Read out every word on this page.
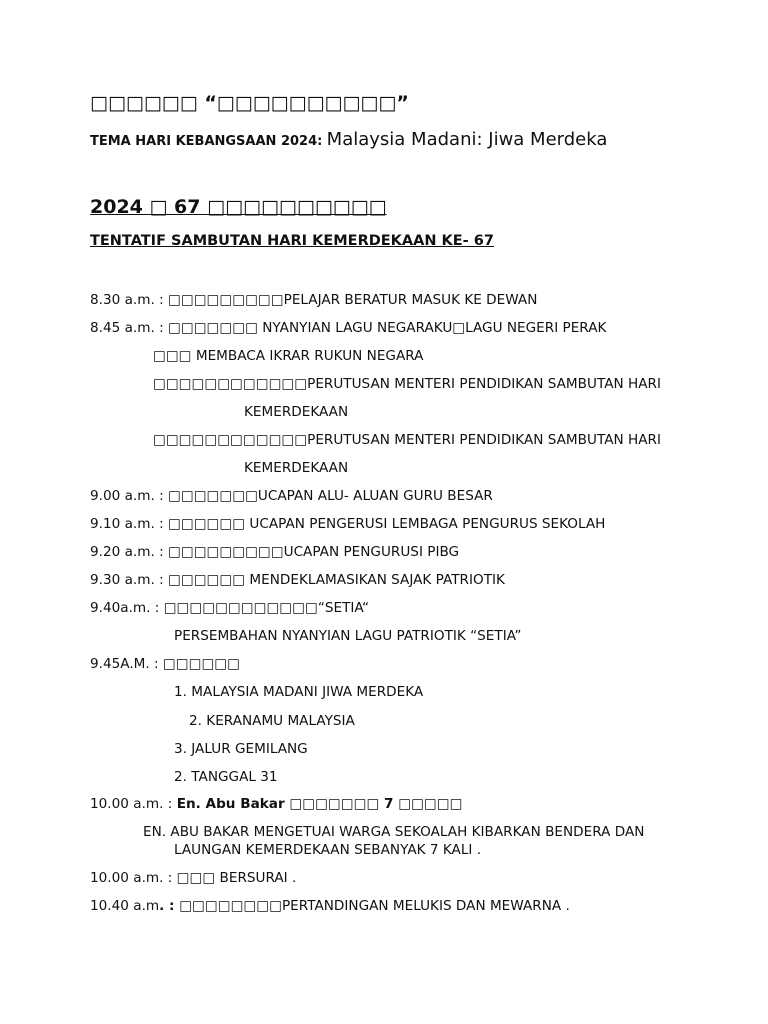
□□□□□□ “□□□□□□□□□□”
TEMA HARI KEBANGSAAN 2024: Malaysia Madani: Jiwa Merdeka
2024 □ 67 □□□□□□□□□□
TENTATIF SAMBUTAN HARI KEMERDEKAAN KE- 67
8.30 a.m. : □□□□□□□□□PELAJAR BERATUR MASUK KE DEWAN
8.45 a.m. : □□□□□□□ NYANYIAN LAGU NEGARAKU□LAGU NEGERI PERAK
□□□ MEMBACA IKRAR RUKUN NEGARA
□□□□□□□□□□□□PERUTUSAN MENTERI PENDIDIKAN SAMBUTAN HARI
KEMERDEKAAN
□□□□□□□□□□□□PERUTUSAN MENTERI PENDIDIKAN SAMBUTAN HARI
KEMERDEKAAN
9.00 a.m. : □□□□□□□UCAPAN ALU- ALUAN GURU BESAR
9.10 a.m. : □□□□□□ UCAPAN PENGERUSI LEMBAGA PENGURUS SEKOLAH
9.20 a.m. : □□□□□□□□□UCAPAN PENGURUSI PIBG
9.30 a.m. : □□□□□□ MENDEKLAMASIKAN SAJAK PATRIOTIK
9.40a.m. : □□□□□□□□□□□□“SETIA“
PERSEMBAHAN NYANYIAN LAGU PATRIOTIK “SETIA”
9.45A.M. : □□□□□□
1. MALAYSIA MADANI JIWA MERDEKA
2. KERANAMU MALAYSIA
3. JALUR GEMILANG
2. TANGGAL 31
10.00 a.m. : En. Abu Bakar □□□□□□□ 7 □□□□□
EN. ABU BAKAR MENGETUAI WARGA SEKOALAH KIBARKAN BENDERA DAN
LAUNGAN KEMERDEKAAN SEBANYAK 7 KALI .
10.00 a.m. : □□□ BERSURAI .
10.40 a.m. : □□□□□□□□PERTANDINGAN MELUKIS DAN MEWARNA .
